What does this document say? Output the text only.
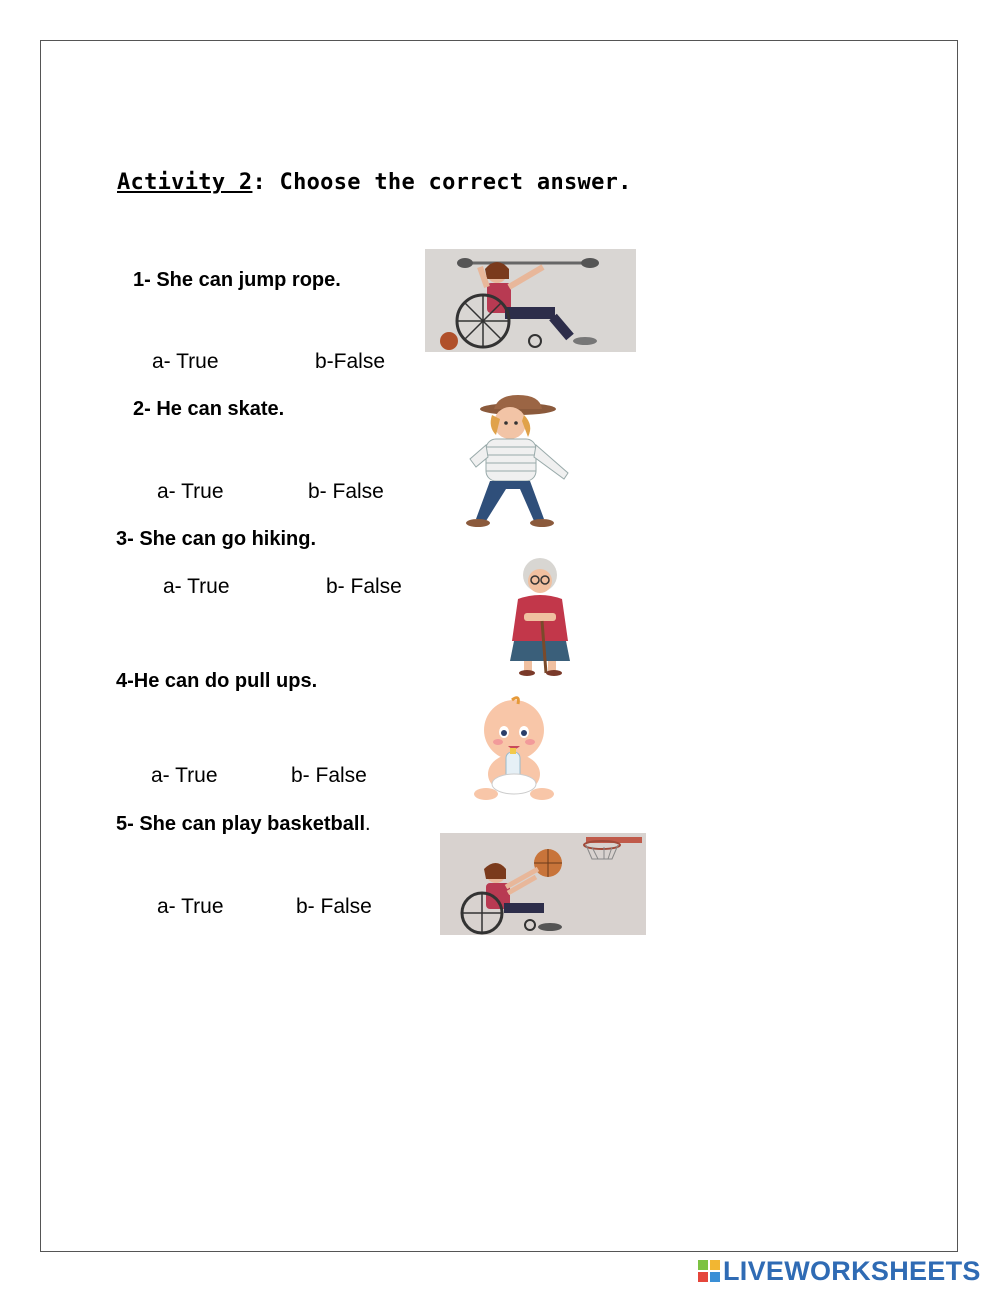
Activity 2: Choose the correct answer.
1- She can jump rope.
a- True	b-False
2- He can skate.
a- True	b- False
3- She can go hiking.
a- True	b- False
4-He can do pull ups.
a- True	b- False
5- She can play basketball.
a- True	b- False
LIVEWORKSHEETS
